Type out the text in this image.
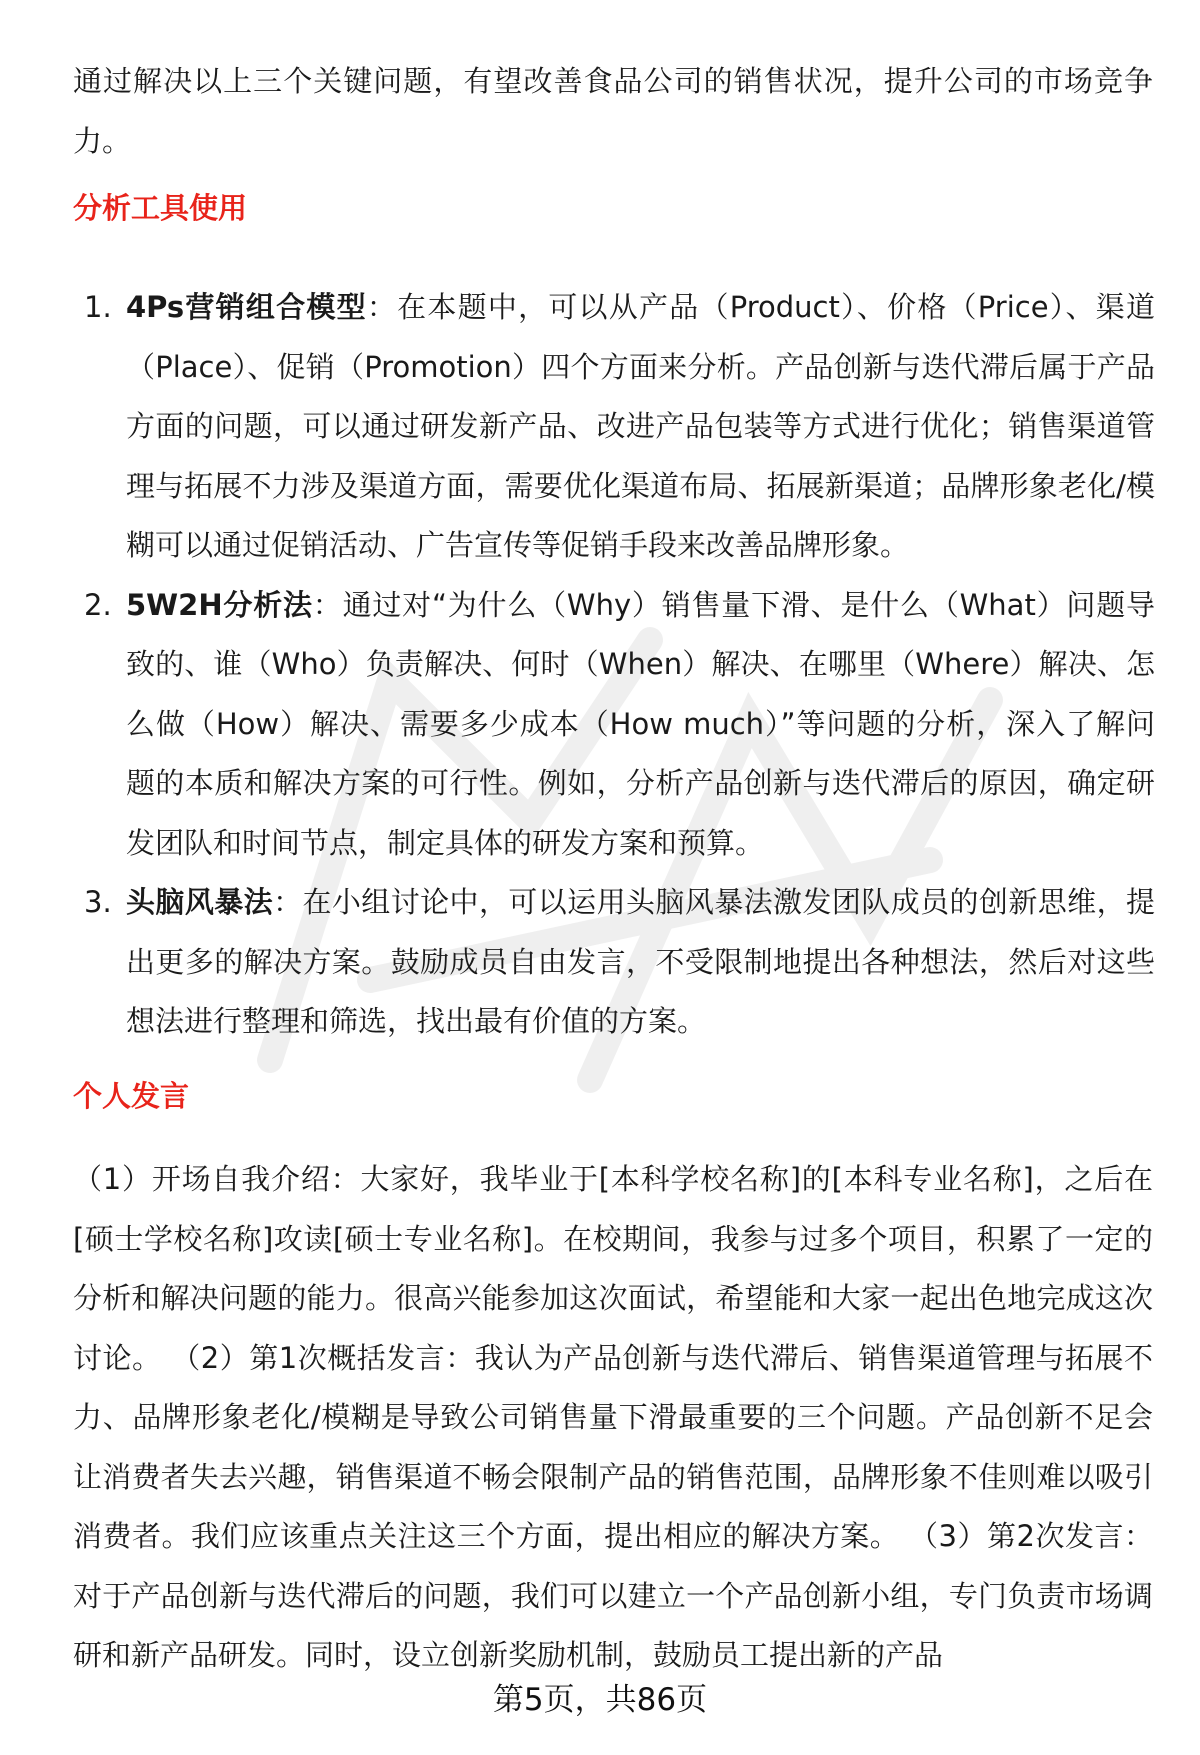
通过解决以上三个关键问题，有望改善食品公司的销售状况，提升公司的市场竞争力。

分析工具使用
1. 4Ps营销组合模型：在本题中，可以从产品（Product）、价格（Price）、渠道（Place）、促销（Promotion）四个方面来分析。产品创新与迭代滞后属于产品方面的问题，可以通过研发新产品、改进产品包装等方式进行优化；销售渠道管理与拓展不力涉及渠道方面，需要优化渠道布局、拓展新渠道；品牌形象老化/模糊可以通过促销活动、广告宣传等促销手段来改善品牌形象。
2. 5W2H分析法：通过对“为什么（Why）销售量下滑、是什么（What）问题导致的、谁（Who）负责解决、何时（When）解决、在哪里（Where）解决、怎么做（How）解决、需要多少成本（How much）”等问题的分析，深入了解问题的本质和解决方案的可行性。例如，分析产品创新与迭代滞后的原因，确定研发团队和时间节点，制定具体的研发方案和预算。
3. 头脑风暴法：在小组讨论中，可以运用头脑风暴法激发团队成员的创新思维，提出更多的解决方案。鼓励成员自由发言，不受限制地提出各种想法，然后对这些想法进行整理和筛选，找出最有价值的方案。
个人发言

（1）开场自我介绍：大家好，我毕业于[本科学校名称]的[本科专业名称]，之后在[硕士学校名称]攻读[硕士专业名称]。在校期间，我参与过多个项目，积累了一定的分析和解决问题的能力。很高兴能参加这次面试，希望能和大家一起出色地完成这次讨论。 （2）第1次概括发言：我认为产品创新与迭代滞后、销售渠道管理与拓展不力、品牌形象老化/模糊是导致公司销售量下滑最重要的三个问题。产品创新不足会让消费者失去兴趣，销售渠道不畅会限制产品的销售范围，品牌形象不佳则难以吸引消费者。我们应该重点关注这三个方面，提出相应的解决方案。 （3）第2次发言：对于产品创新与迭代滞后的问题，我们可以建立一个产品创新小组，专门负责市场调研和新产品研发。同时，设立创新奖励机制，鼓励员工提出新的产品

第5页，共86页
